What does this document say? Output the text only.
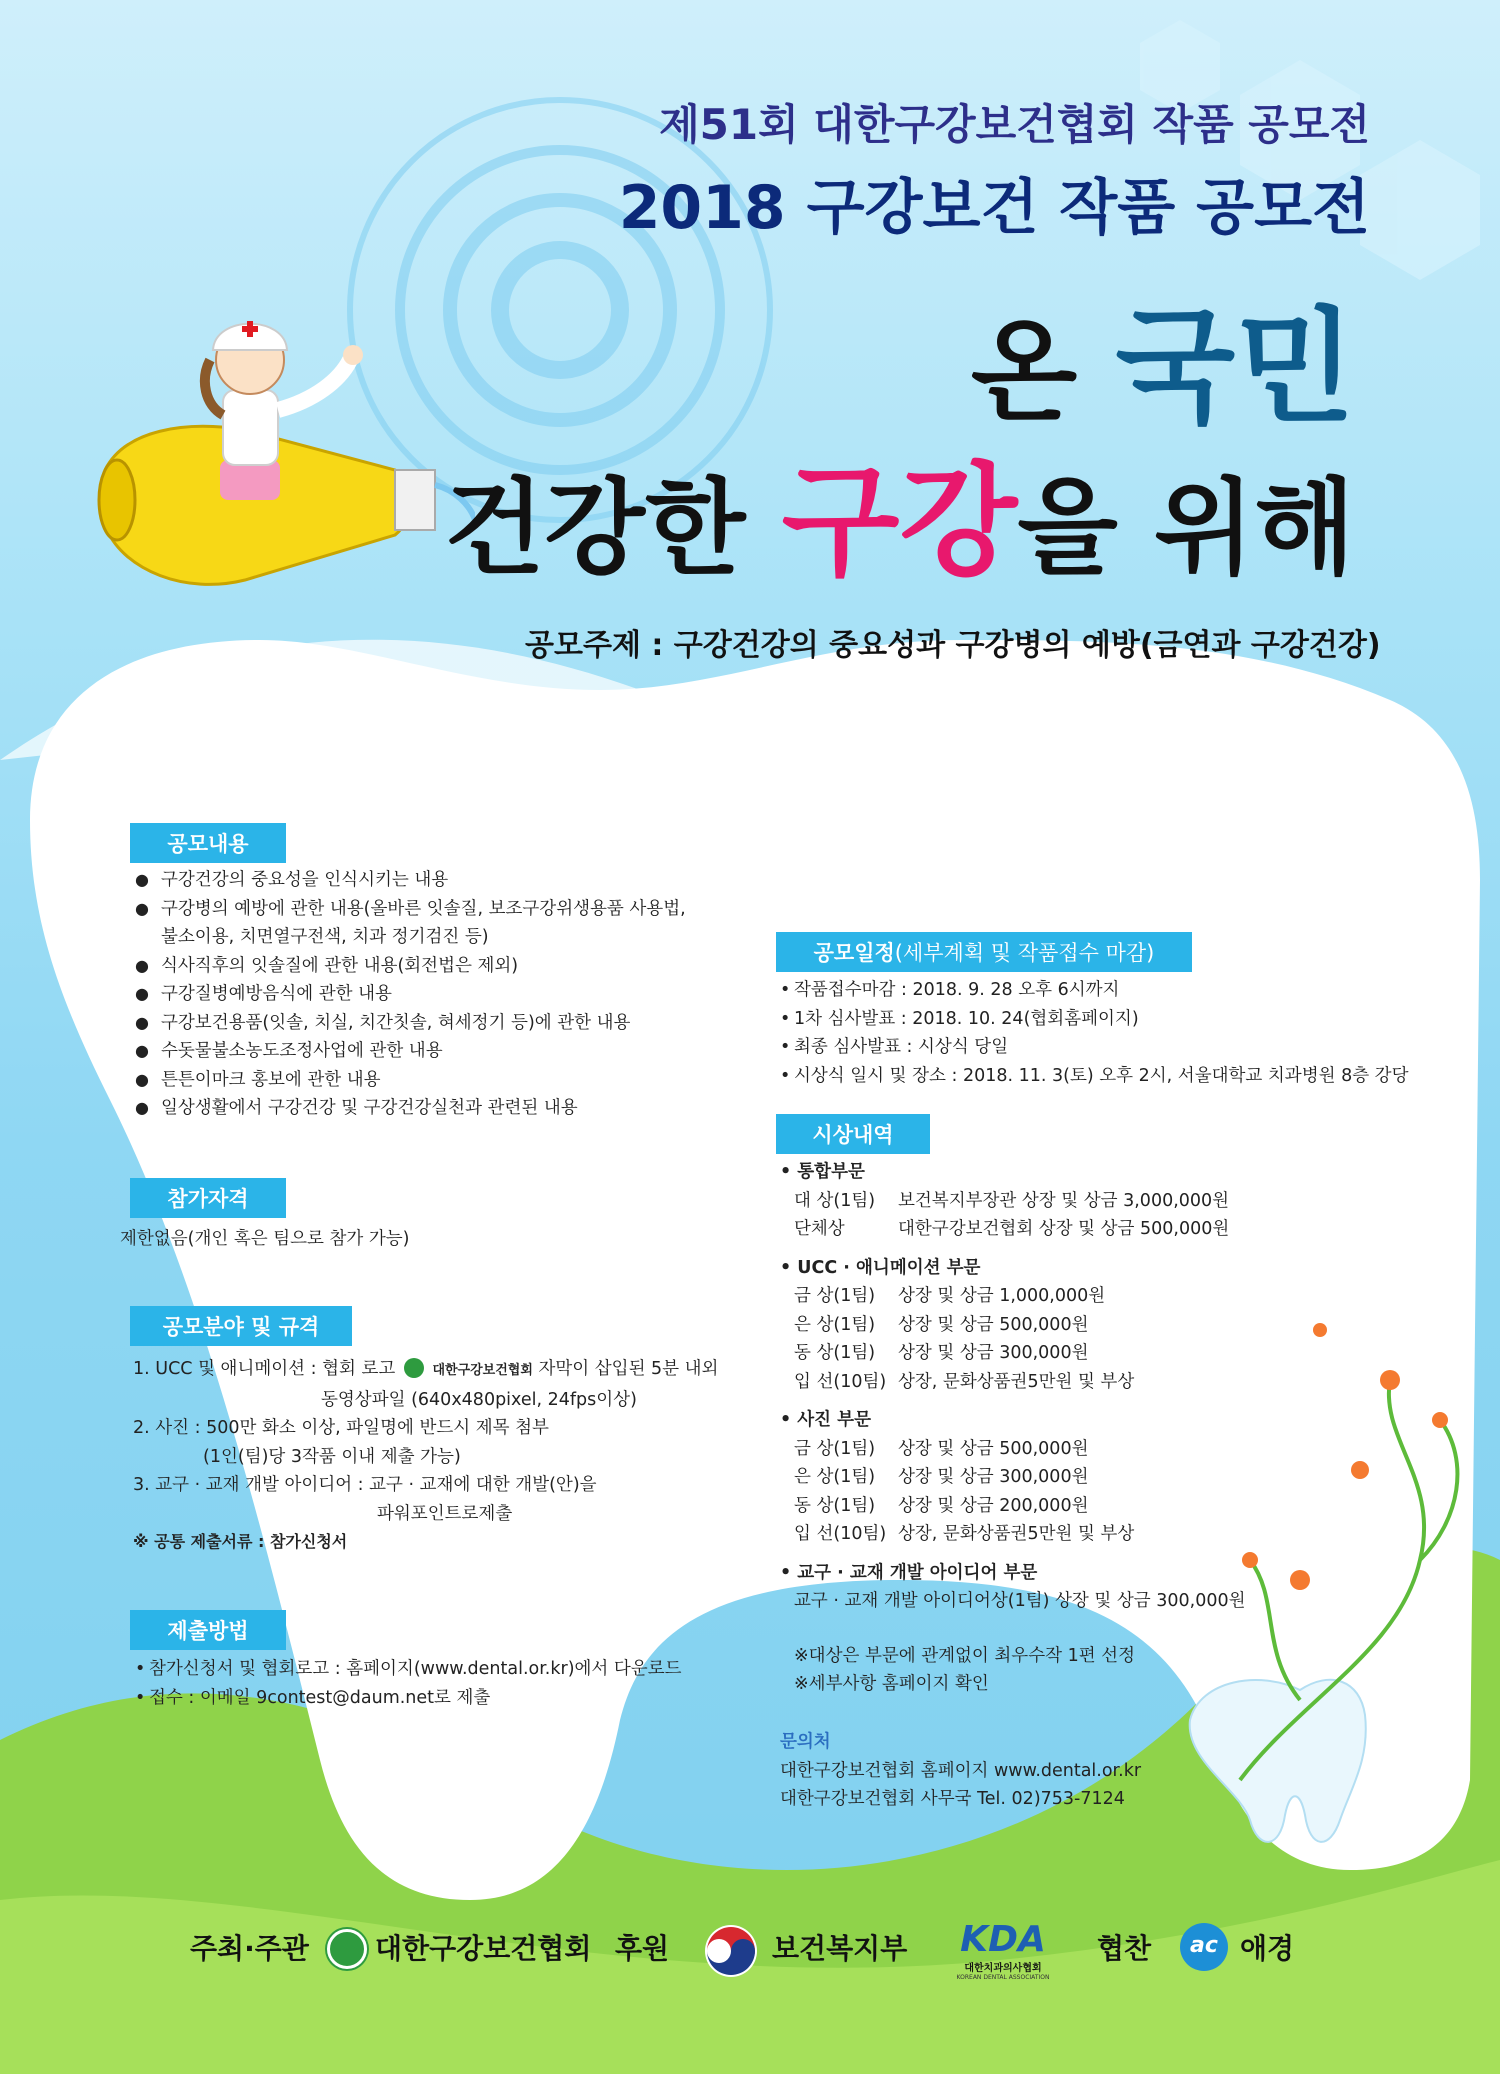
제51회 대한구강보건협회 작품 공모전
2018 구강보건 작품 공모전
온 국민
건강한 구강을 위해
공모주제 : 구강건강의 중요성과 구강병의 예방(금연과 구강건강)
공모내용
● 구강건강의 중요성을 인식시키는 내용
● 구강병의 예방에 관한 내용(올바른 잇솔질, 보조구강위생용품 사용법,
불소이용, 치면열구전색, 치과 정기검진 등)
● 식사직후의 잇솔질에 관한 내용(회전법은 제외)
● 구강질병예방음식에 관한 내용
● 구강보건용품(잇솔, 치실, 치간칫솔, 혀세정기 등)에 관한 내용
● 수돗물불소농도조정사업에 관한 내용
● 튼튼이마크 홍보에 관한 내용
● 일상생활에서 구강건강 및 구강건강실천과 관련된 내용
참가자격
제한없음(개인 혹은 팀으로 참가 가능)
공모분야 및 규격
1. UCC 및 애니메이션 : 협회 로고	대한구강보건협회 자막이 삽입된 5분 내외
동영상파일 (640x480pixel, 24fps이상)
2. 사진 : 500만 화소 이상, 파일명에 반드시 제목 첨부
(1인(팀)당 3작품 이내 제출 가능)
3. 교구 · 교재 개발 아이디어 : 교구 · 교재에 대한 개발(안)을
파워포인트로제출
※ 공통 제출서류 : 참가신청서
제출방법
• 참가신청서 및 협회로고 : 홈페이지(www.dental.or.kr)에서 다운로드
• 접수 : 이메일 9contest@daum.net로 제출
공모일정(세부계획 및 작품접수 마감)
• 작품접수마감 : 2018. 9. 28 오후 6시까지
• 1차 심사발표 : 2018. 10. 24(협회홈페이지)
• 최종 심사발표 : 시상식 당일
• 시상식 일시 및 장소 : 2018. 11. 3(토) 오후 2시, 서울대학교 치과병원 8층 강당
시상내역
• 통합부문
대 상(1팀)	보건복지부장관 상장 및 상금 3,000,000원
단체상	대한구강보건협회 상장 및 상금 500,000원
• UCC · 애니메이션 부문
금 상(1팀)	상장 및 상금 1,000,000원
은 상(1팀)	상장 및 상금 500,000원
동 상(1팀)	상장 및 상금 300,000원
입 선(10팀) 상장, 문화상품권5만원 및 부상
• 사진 부문
금 상(1팀)	상장 및 상금 500,000원
은 상(1팀)	상장 및 상금 300,000원
동 상(1팀)	상장 및 상금 200,000원
입 선(10팀) 상장, 문화상품권5만원 및 부상
• 교구 · 교재 개발 아이디어 부문
교구 · 교재 개발 아이디어상(1팀) 상장 및 상금 300,000원
※대상은 부문에 관계없이 최우수작 1편 선정
※세부사항 홈페이지 확인
문의처
대한구강보건협회 홈페이지 www.dental.or.kr
대한구강보건협회 사무국 Tel. 02)753-7124
주최·주관 대한구강보건협회 후원	보건복지부	KDA
대한치과의사협회
KOREAN DENTAL ASSOCIATION
협찬	ac 애경
